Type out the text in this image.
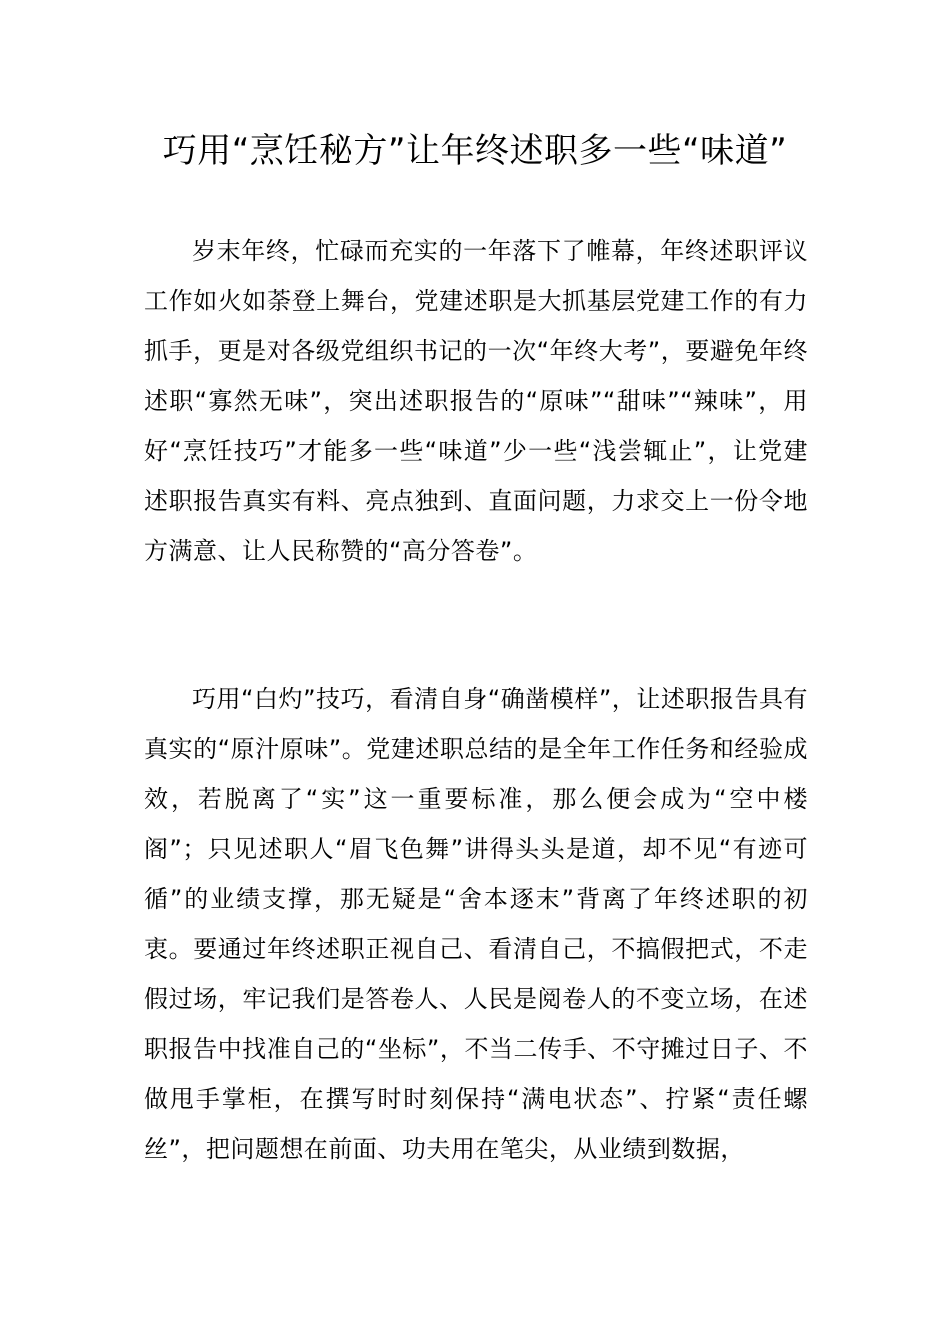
巧用“烹饪秘方”让年终述职多一些“味道”

岁末年终，忙碌而充实的一年落下了帷幕，年终述职评议工作如火如荼登上舞台，党建述职是大抓基层党建工作的有力抓手，更是对各级党组织书记的一次“年终大考”，要避免年终述职“寡然无味”，突出述职报告的“原味”“甜味”“辣味”，用好“烹饪技巧”才能多一些“味道”少一些“浅尝辄止”，让党建述职报告真实有料、亮点独到、直面问题，力求交上一份令地方满意、让人民称赞的“高分答卷”。

巧用“白灼”技巧，看清自身“确凿模样”，让述职报告具有真实的“原汁原味”。党建述职总结的是全年工作任务和经验成效，若脱离了“实”这一重要标准，那么便会成为“空中楼阁”；只见述职人“眉飞色舞”讲得头头是道，却不见“有迹可循”的业绩支撑，那无疑是“舍本逐末”背离了年终述职的初衷。要通过年终述职正视自己、看清自己，不搞假把式，不走假过场，牢记我们是答卷人、人民是阅卷人的不变立场，在述职报告中找准自己的“坐标”，不当二传手、不守摊过日子、不做甩手掌柜，在撰写时时刻保持“满电状态”、拧紧“责任螺丝”，把问题想在前面、功夫用在笔尖，从业绩到数据，
